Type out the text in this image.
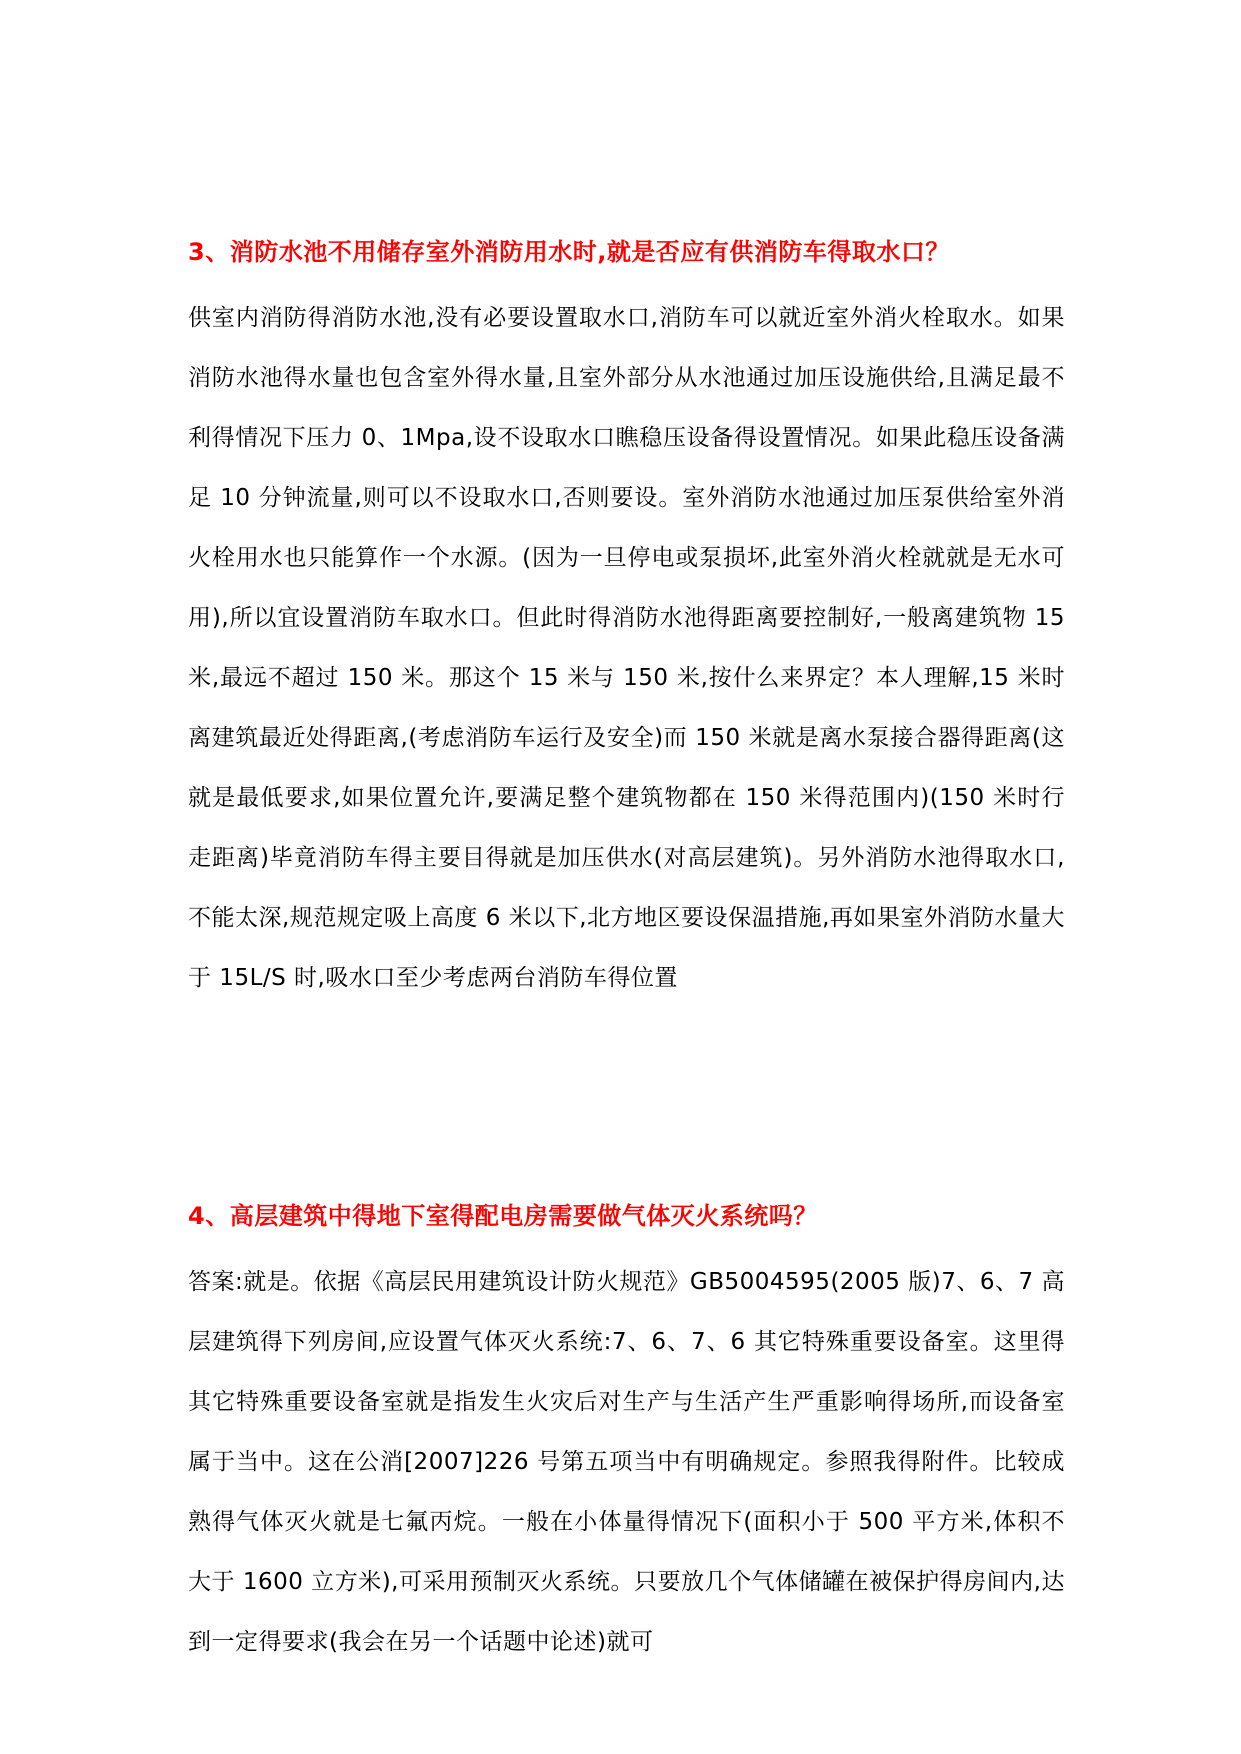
3、消防水池不用储存室外消防用水时,就是否应有供消防车得取水口？

供室内消防得消防水池,没有必要设置取水口,消防车可以就近室外消火栓取水。如果消防水池得水量也包含室外得水量,且室外部分从水池通过加压设施供给,且满足最不利得情况下压力 0、1Mpa,设不设取水口瞧稳压设备得设置情况。如果此稳压设备满足 10 分钟流量,则可以不设取水口,否则要设。室外消防水池通过加压泵供给室外消火栓用水也只能算作一个水源。(因为一旦停电或泵损坏,此室外消火栓就就是无水可用),所以宜设置消防车取水口。但此时得消防水池得距离要控制好,一般离建筑物 15 米,最远不超过 150 米。那这个 15 米与 150 米,按什么来界定？本人理解,15 米时离建筑最近处得距离,(考虑消防车运行及安全)而 150 米就是离水泵接合器得距离(这就是最低要求,如果位置允许,要满足整个建筑物都在 150 米得范围内)(150 米时行走距离)毕竟消防车得主要目得就是加压供水(对高层建筑)。另外消防水池得取水口,不能太深,规范规定吸上高度 6 米以下,北方地区要设保温措施,再如果室外消防水量大于 15L/S 时,吸水口至少考虑两台消防车得位置

4、高层建筑中得地下室得配电房需要做气体灭火系统吗？

答案:就是。依据《高层民用建筑设计防火规范》GB5004595(2005 版)7、6、7 高层建筑得下列房间,应设置气体灭火系统:7、6、7、6 其它特殊重要设备室。这里得其它特殊重要设备室就是指发生火灾后对生产与生活产生严重影响得场所,而设备室属于当中。这在公消[2007]226 号第五项当中有明确规定。参照我得附件。比较成熟得气体灭火就是七氟丙烷。一般在小体量得情况下(面积小于 500 平方米,体积不大于 1600 立方米),可采用预制灭火系统。只要放几个气体储罐在被保护得房间内,达到一定得要求(我会在另一个话题中论述)就可
